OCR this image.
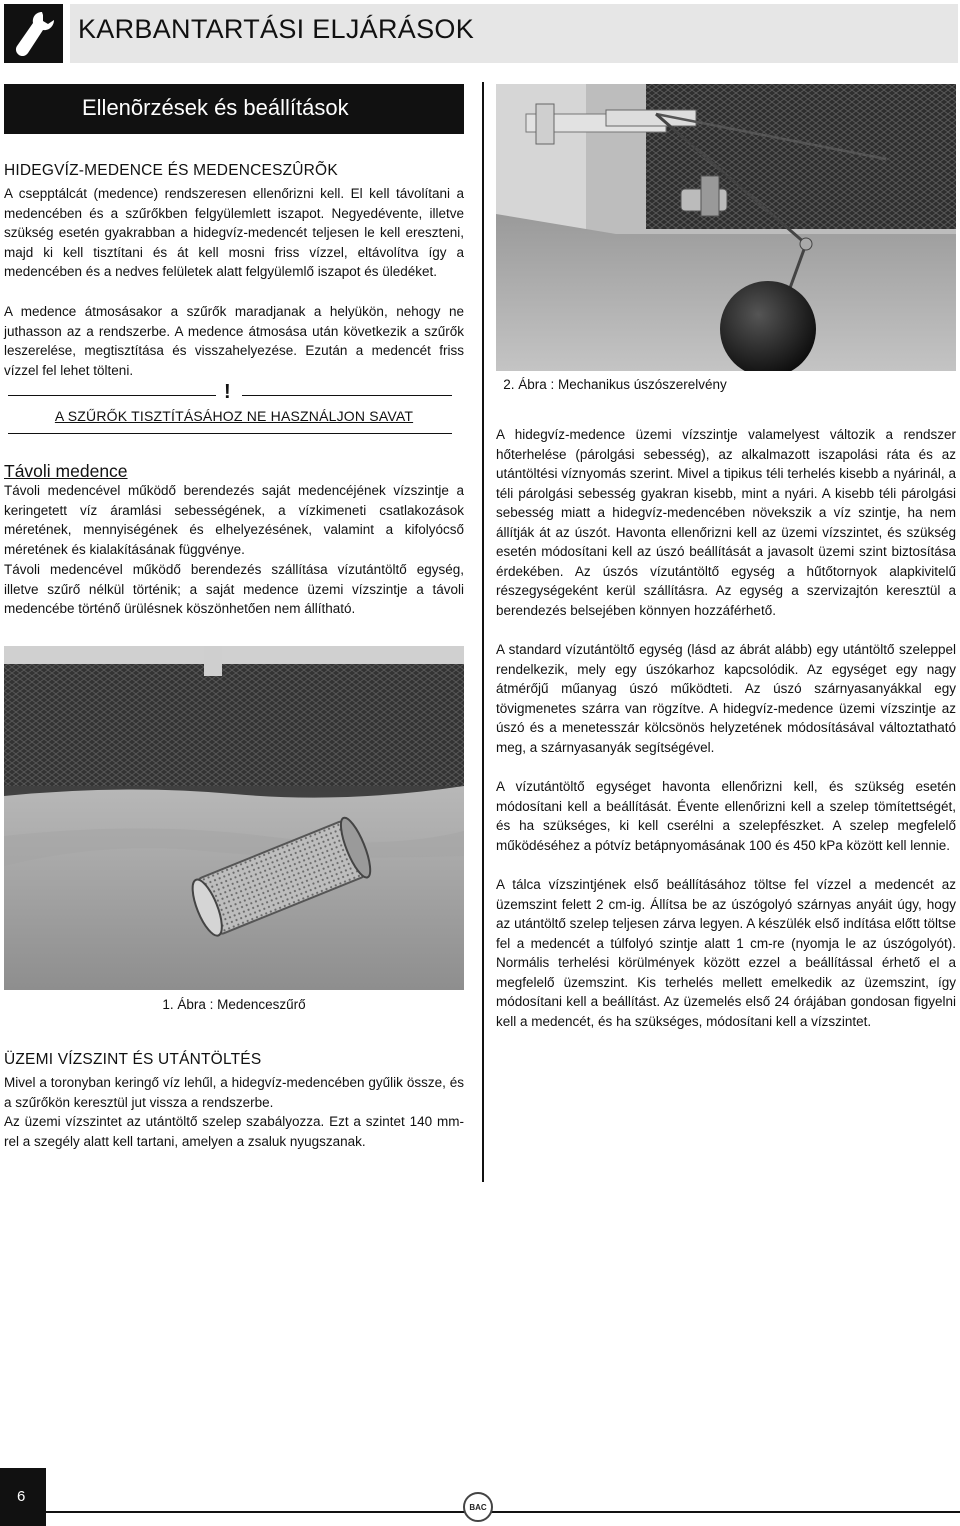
KARBANTARTÁSI ELJÁRÁSOK
Ellenõrzések és beállítások
HIDEGVÍZ-MEDENCE ÉS MEDENCESZÛRÕK
A csepptálcát (medence) rendszeresen ellenőrizni kell. El kell távolítani a medencében és a szűrőkben felgyülemlett iszapot. Negyedévente, illetve szükség esetén gyakrabban a hidegvíz-medencét teljesen le kell ereszteni, majd ki kell tisztítani és át kell mosni friss vízzel, eltávolítva így a medencében és a nedves felületek alatt felgyülemlő iszapot és üledéket.
A medence átmosásakor a szűrők maradjanak a helyükön, nehogy ne juthasson az a rendszerbe. A medence átmosása után következik a szűrők leszerelése, megtisztítása és visszahelyezése. Ezután a medencét friss vízzel fel lehet tölteni.
!
A SZŰRŐK TISZTÍTÁSÁHOZ NE HASZNÁLJON SAVAT
Távoli medence
Távoli medencével működő berendezés saját medencéjének vízszintje a keringetett víz áramlási sebességének, a vízkimeneti csatlakozások méretének, mennyiségének és elhelyezésének, valamint a kifolyócső méretének és kialakításának függvénye.
Távoli medencével működő berendezés szállítása vízutántöltő egység, illetve szűrő nélkül történik; a saját medence üzemi vízszintje a távoli medencébe történő ürülésnek köszönhetően nem állítható.
1. Ábra : Medenceszűrő
ÜZEMI VÍZSZINT ÉS UTÁNTÖLTÉS
Mivel a toronyban keringő víz lehűl, a hidegvíz-medencében gyűlik össze, és a szűrőkön keresztül jut vissza a rendszerbe.
Az üzemi vízszintet az utántöltő szelep szabályozza. Ezt a szintet 140 mm-rel a szegély alatt kell tartani, amelyen a zsaluk nyugszanak.
2. Ábra : Mechanikus úszószerelvény
A hidegvíz-medence üzemi vízszintje valamelyest változik a rendszer hőterhelése (párolgási sebesség), az alkalmazott iszapolási ráta és az utántöltési víznyomás szerint. Mivel a tipikus téli terhelés kisebb a nyárinál, a téli párolgási sebesség gyakran kisebb, mint a nyári. A kisebb téli párolgási sebesség miatt a hidegvíz-medencében növekszik a víz szintje, ha nem állítják át az úszót. Havonta ellenőrizni kell az üzemi vízszintet, és szükség esetén módosítani kell az úszó beállítását a javasolt üzemi szint biztosítása érdekében. Az úszós vízutántöltő egység a hűtőtornyok alapkivitelű részegységeként kerül szállításra. Az egység a szervizajtón keresztül a berendezés belsejében könnyen hozzáférhető.
A standard vízutántöltő egység (lásd az ábrát alább) egy utántöltő szeleppel rendelkezik, mely egy úszókarhoz kapcsolódik. Az egységet egy nagy átmérőjű műanyag úszó működteti. Az úszó szárnyasanyákkal egy tövigmenetes szárra van rögzítve. A hidegvíz-medence üzemi vízszintje az úszó és a menetesszár kölcsönös helyzetének módosításával változtatható meg, a szárnyasanyák segítségével.
A vízutántöltő egységet havonta ellenőrizni kell, és szükség esetén módosítani kell a beállítását. Évente ellenőrizni kell a szelep tömítettségét, és ha szükséges, ki kell cserélni a szelepfészket. A szelep megfelelő működéséhez a pótvíz betápnyomásának 100 és 450 kPa között kell lennie.
A tálca vízszintjének első beállításához töltse fel vízzel a medencét az üzemszint felett 2 cm-ig. Állítsa be az úszógolyó szárnyas anyáit úgy, hogy az utántöltő szelep teljesen zárva legyen. A készülék első indítása előtt töltse fel a medencét a túlfolyó szintje alatt 1 cm-re (nyomja le az úszógolyót). Normális terhelési körülmények között ezzel a beállítással érhető el a megfelelő üzemszint. Kis terhelés mellett emelkedik az üzemszint, így módosítani kell a beállítást. Az üzemelés első 24 órájában gondosan figyelni kell a medencét, és ha szükséges, módosítani kell a vízszintet.
6
BAC
